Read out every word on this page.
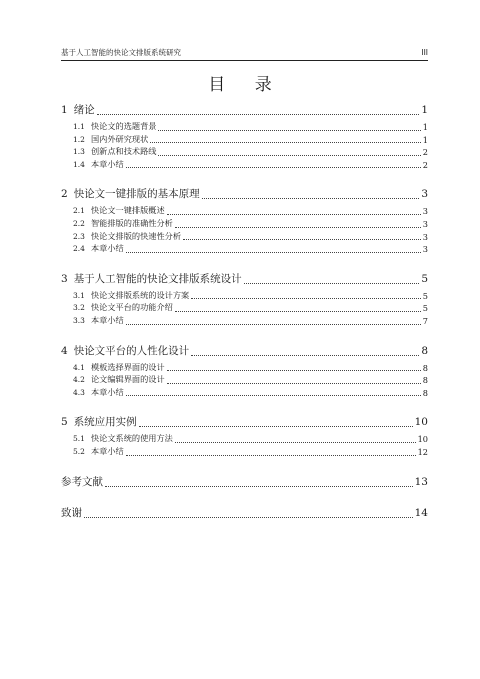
基于人工智能的快论文排版系统研究	III
目 录
1 绪论	1
1.1 快论文的选题背景	1
1.2 国内外研究现状	1
1.3 创新点和技术路线	2
1.4 本章小结	2
2 快论文一键排版的基本原理	3
2.1 快论文一键排版概述	3
2.2 智能排版的准确性分析	3
2.3 快论文排版的快速性分析	3
2.4 本章小结	3
3 基于人工智能的快论文排版系统设计	5
3.1 快论文排版系统的设计方案	5
3.2 快论文平台的功能介绍	5
3.3 本章小结	7
4 快论文平台的人性化设计	8
4.1 模板选择界面的设计	8
4.2 论文编辑界面的设计	8
4.3 本章小结	8
5 系统应用实例	10
5.1 快论文系统的使用方法	10
5.2 本章小结	12
参考文献	13
致谢	14
